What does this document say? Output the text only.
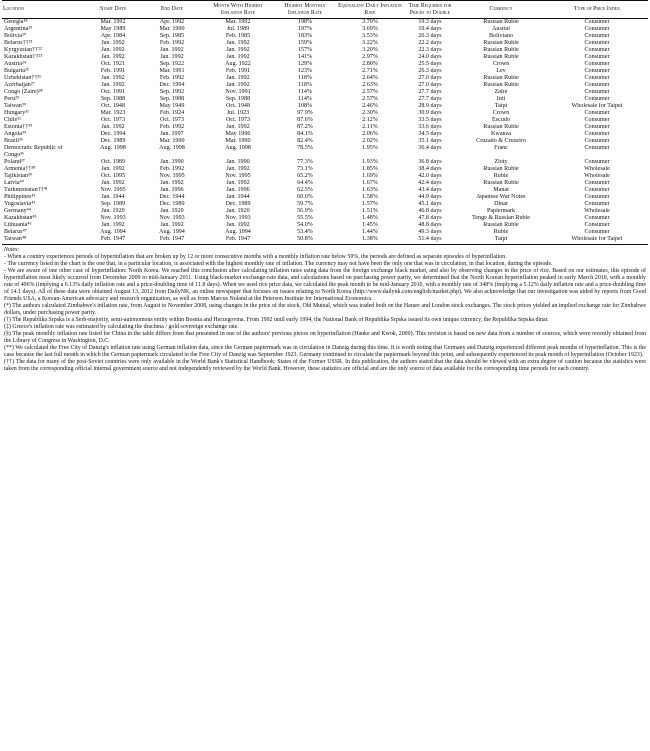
Location	Start Date	End Date	Month With Highest Inflation Rate	Highest Monthly Inflation Rate	Equivalent Daily Inflation Rate	Time Required for Prices to Double	Currency	Type of Price Index
Georgia¹⁸	Mar. 1992	Apr. 1992	Mar. 1992	198%	3.70%	19.3 days	Russian Ruble	Consumer
Argentina¹⁹	May 1989	Mar. 1990	Jul. 1989	197%	3.69%	19.4 days	Austral	Consumer
Bolivia²⁰	Apr. 1984	Sep. 1985	Feb. 1985	183%	3.53%	20.3 days	Boliviano	Consumer
Belarus††²¹	Jan. 1992	Feb. 1992	Jan. 1992	159%	3.22%	22.2 days	Russian Ruble	Consumer
Kyrgyzstan††²²	Jan. 1992	Jan. 1992	Jan. 1992	157%	3.20%	22.3 days	Russian Ruble	Consumer
Kazakhstan††²³	Jan. 1992	Jan. 1992	Jan. 1992	141%	2.97%	24.0 days	Russian Ruble	Consumer
Austria²⁴	Oct. 1921	Sep. 1922	Aug. 1922	129%	2.80%	25.5 days	Crown	Consumer
Bulgaria²⁵	Feb. 1991	Mar. 1991	Feb. 1991	123%	2.71%	26.3 days	Lev	Consumer
Uzbekistan††²⁶	Jan. 1992	Feb. 1992	Jan. 1992	118%	2.64%	27.0 days	Russian Ruble	Consumer
Azerbaijan²⁷	Jan. 1992	Dec. 1994	Jan. 1992	118%	2.63%	27.0 days	Russian Ruble	Consumer
Congo (Zaire)²⁸	Oct. 1991	Sep. 1992	Nov. 1991	114%	2.57%	27.7 days	Zaïre	Consumer
Peru²⁹	Sep. 1988	Sep. 1988	Sep. 1988	114%	2.57%	27.7 days	Inti	Consumer
Taiwan³⁰	Oct. 1948	May 1949	Oct. 1948	108%	2.46%	28.9 days	Taipi	Wholesale for Taipei
Hungary³¹	Mar. 1923	Feb. 1924	Jul. 1923	97.9%	2.30%	30.9 days	Crown	Consumer
Chile³²	Oct. 1973	Oct. 1973	Oct. 1973	87.6%	2.12%	33.5 days	Escudo	Consumer
Estonia††³³	Jan. 1992	Feb. 1992	Jan. 1992	87.2%	2.11%	33.6 days	Russian Ruble	Consumer
Angola³⁴	Dec. 1994	Jan. 1997	May 1996	84.1%	2.06%	34.5 days	Kwanza	Consumer
Brazil³⁵	Dec. 1989	Mar. 1990	Mar. 1990	82.4%	2.02%	35.1 days	Cruzado & Cruzeiro	Consumer
Democratic Republic of Congo³⁶	Aug. 1998	Aug. 1998	Aug. 1998	78.5%	1.95%	36.4 days	Franc	Consumer
Poland³⁷	Oct. 1989	Jan. 1990	Jan. 1990	77.3%	1.93%	36.8 days	Zloty	Consumer
Armenia††³⁸	Jan. 1992	Feb. 1992	Jan. 1992	73.1%	1.85%	38.4 days	Russian Ruble	Wholesale
Tajikistan³⁹	Oct. 1995	Nov. 1995	Nov. 1995	65.2%	1.69%	42.0 days	Ruble	Wholesale
Latvia⁴⁰	Jan. 1992	Jan. 1992	Jan. 1992	64.4%	1.67%	42.4 days	Russian Ruble	Consumer
Turkmenistan††⁴¹	Nov. 1995	Jan. 1996	Jan. 1996	62.5%	1.63%	43.4 days	Manat	Consumer
Philippines⁴²	Jan. 1944	Dec. 1944	Jan. 1944	60.0%	1.58%	44.9 days	Japanese War Notes	Consumer
Yugoslavia⁴³	Sep. 1989	Dec. 1989	Dec. 1989	59.7%	1.57%	45.1 days	Dinar	Consumer
Germany⁴⁴	Jan. 1920	Jan. 1920	Jan. 1920	56.9%	1.51%	46.8 days	Papiermark	Wholesale
Kazakhstan⁴⁵	Nov. 1993	Nov. 1993	Nov. 1993	55.5%	1.48%	47.8 days	Tenge & Russian Ruble	Consumer
Lithuania⁴⁶	Jan. 1992	Jan. 1992	Jan. 1992	54.0%	1.45%	48.8 days	Russian Ruble	Consumer
Belarus⁴⁷	Aug. 1994	Aug. 1994	Aug. 1994	53.4%	1.44%	49.3 days	Ruble	Consumer
Taiwan⁴⁸	Feb. 1947	Feb. 1947	Feb. 1947	50.8%	1.38%	51.4 days	Taipi	Wholesale for Taipei

Notes:

- When a country experiences periods of hyperinflation that are broken up by 12 or more consecutive months with a monthly inflation rate below 50%, the periods are defined as separate episodes of hyperinflation.

- The currency listed in the chart is the one that, in a particular location, is associated with the highest monthly rate of inflation. The currency may not have been the only one that was in circulation, in that location, during the episode.

- We are aware of one other case of hyperinflation: North Korea. We reached this conclusion after calculating inflation rates using data from the foreign exchange black market, and also by observing changes in the price of rice. Based on our estimates, this episode of hyperinflation most likely occurred from December 2009 to mid-January 2011. Using black-market exchange-rate data, and calculations based on purchasing power parity, we determined that the North Korean hyperinflation peaked in early March 2010, with a monthly rate of 496% (implying a 6.13% daily inflation rate and a price-doubling time of 11.8 days). When we used rice price data, we calculated the peak month to be mid-January 2010, with a monthly rate of 348% (implying a 5.12% daily inflation rate and a price-doubling time of 14.1 days). All of these data were obtained August 13, 2012 from DailyNK, an online newspaper that focuses on issues relating to North Korea (http://www.dailynk.com/english/market.php). We also acknowledge that our investigation was aided by reports from Good Friends USA, a Korean-American advocacy and research organization, as well as from Marcus Noland at the Peterson Institute for International Economics.

(*) The authors calculated Zimbabwe's inflation rate, from August to November 2008, using changes in the price of the stock, Old Mutual, which was traded both on the Harare and London stock exchanges. The stock prices yielded an implied exchange rate for Zimbabwe dollars, under purchasing power parity.

(†) The Republika Srpska is a Serb-majority, semi-autonomous entity within Bosnia and Herzegovina. From 1992 until early 1994, the National Bank of Republika Srpska issued its own unique currency, the Republika Srpska dinar.

(‡) Greece's inflation rate was estimated by calculating the drachma / gold sovereign exchange rate.

(§) The peak monthly inflation rate listed for China in the table differs from that presented in one of the authors' previous pieces on hyperinflation (Hanke and Kwok, 2009). This revision is based on new data from a number of sources, which were recently obtained from the Library of Congress in Washington, D.C.

(**) We calculated the Free City of Danzig's inflation rate using German inflation data, since the German papiermark was in circulation in Danzig during this time. It is worth noting that Germany and Danzig experienced different peak months of hyperinflation. This is the case because the last full month in which the German papiermark circulated in the Free City of Danzig was September 1923. Germany continued to circulate the papiermark beyond this point, and subsequently experienced its peak month of hyperinflation (October 1923).

(††) The data for many of the post-Soviet countries were only available in the World Bank's Statistical Handbook: States of the Former USSR. In this publication, the authors stated that the data should be viewed with an extra degree of caution because the statistics were taken from the corresponding official internal government source and not independently reviewed by the World Bank. However, these statistics are official and are the only source of data available for the corresponding time periods for each country.
